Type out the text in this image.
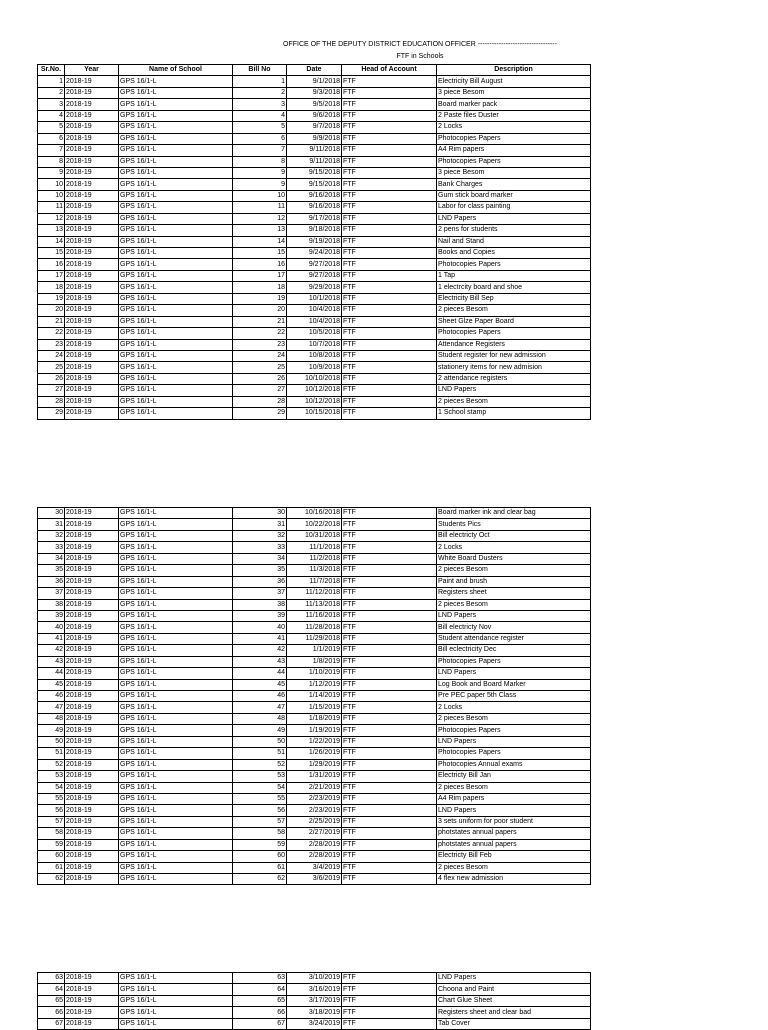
OFFICE OF THE DEPUTY DISTRICT EDUCATION OFFICER ----------------------------------
FTF in Schools
Sr.No.	Year	Name of School	Bill No	Date	Head of Account	Description
1	2018-19	GPS 16/1-L	1	9/1/2018	FTF	Electricity Bill August
2	2018-19	GPS 16/1-L	2	9/3/2018	FTF	3 piece Besom
3	2018-19	GPS 16/1-L	3	9/5/2018	FTF	Board marker pack
4	2018-19	GPS 16/1-L	4	9/6/2018	FTF	2 Paste files Duster
5	2018-19	GPS 16/1-L	5	9/7/2018	FTF	2 Locks
6	2018-19	GPS 16/1-L	6	9/9/2018	FTF	Photocopies Papers
7	2018-19	GPS 16/1-L	7	9/11/2018	FTF	A4 Rim papers
8	2018-19	GPS 16/1-L	8	9/11/2018	FTF	Photocopies Papers
9	2018-19	GPS 16/1-L	9	9/15/2018	FTF	3 piece Besom
10	2018-19	GPS 16/1-L	9	9/15/2018	FTF	Bank Charges
10	2018-19	GPS 16/1-L	10	9/16/2018	FTF	Gum stick board marker
11	2018-19	GPS 16/1-L	11	9/16/2018	FTF	Labor for class painting
12	2018-19	GPS 16/1-L	12	9/17/2018	FTF	LND Papers
13	2018-19	GPS 16/1-L	13	9/18/2018	FTF	2 pens for students
14	2018-19	GPS 16/1-L	14	9/19/2018	FTF	Nail and Stand
15	2018-19	GPS 16/1-L	15	9/24/2018	FTF	Books and Copies
16	2018-19	GPS 16/1-L	16	9/27/2018	FTF	Photocopies Papers
17	2018-19	GPS 16/1-L	17	9/27/2018	FTF	1 Tap
18	2018-19	GPS 16/1-L	18	9/29/2018	FTF	1 electrcity board and shoe
19	2018-19	GPS 16/1-L	19	10/1/2018	FTF	Electricity Bill Sep
20	2018-19	GPS 16/1-L	20	10/4/2018	FTF	2 pieces Besom
21	2018-19	GPS 16/1-L	21	10/4/2018	FTF	Sheet Glze Paper Board
22	2018-19	GPS 16/1-L	22	10/5/2018	FTF	Photocopies Papers
23	2018-19	GPS 16/1-L	23	10/7/2018	FTF	Attendance Registers
24	2018-19	GPS 16/1-L	24	10/8/2018	FTF	Student register for new admission
25	2018-19	GPS 16/1-L	25	10/9/2018	FTF	stationery items for new admision
26	2018-19	GPS 16/1-L	26	10/10/2018	FTF	2 attendance registers
27	2018-19	GPS 16/1-L	27	10/12/2018	FTF	LND Papers
28	2018-19	GPS 16/1-L	28	10/12/2018	FTF	2 pieces Besom
29	2018-19	GPS 16/1-L	29	10/15/2018	FTF	1 School stamp
30	2018-19	GPS 16/1-L	30	10/16/2018	FTF	Board marker ink and clear bag
31	2018-19	GPS 16/1-L	31	10/22/2018	FTF	Students Pics
32	2018-19	GPS 16/1-L	32	10/31/2018	FTF	Bill electricty Oct
33	2018-19	GPS 16/1-L	33	11/1/2018	FTF	2 Locks
34	2018-19	GPS 16/1-L	34	11/2/2018	FTF	White Board Dusters
35	2018-19	GPS 16/1-L	35	11/3/2018	FTF	2 pieces Besom
36	2018-19	GPS 16/1-L	36	11/7/2018	FTF	Paint and brush
37	2018-19	GPS 16/1-L	37	11/12/2018	FTF	Registers sheet
38	2018-19	GPS 16/1-L	38	11/13/2018	FTF	2 pieces Besom
39	2018-19	GPS 16/1-L	39	11/16/2018	FTF	LND Papers
40	2018-19	GPS 16/1-L	40	11/28/2018	FTF	Bill electricty Nov
41	2018-19	GPS 16/1-L	41	11/29/2018	FTF	Student attendance register
42	2018-19	GPS 16/1-L	42	1/1/2019	FTF	Bill eclectricity Dec
43	2018-19	GPS 16/1-L	43	1/8/2019	FTF	Photocopies Papers
44	2018-19	GPS 16/1-L	44	1/10/2019	FTF	LND Papers
45	2018-19	GPS 16/1-L	45	1/12/2019	FTF	Log Book and Board Marker
46	2018-19	GPS 16/1-L	46	1/14/2019	FTF	Pre PEC paper 5th Class
47	2018-19	GPS 16/1-L	47	1/15/2019	FTF	2 Locks
48	2018-19	GPS 16/1-L	48	1/18/2019	FTF	2 pieces Besom
49	2018-19	GPS 16/1-L	49	1/19/2019	FTF	Photocopies Papers
50	2018-19	GPS 16/1-L	50	1/22/2019	FTF	LND Papers
51	2018-19	GPS 16/1-L	51	1/26/2019	FTF	Photocopies Papers
52	2018-19	GPS 16/1-L	52	1/29/2019	FTF	Photocopies Annual exams
53	2018-19	GPS 16/1-L	53	1/31/2019	FTF	Electricty Bill Jan
54	2018-19	GPS 16/1-L	54	2/21/2019	FTF	2 pieces Besom
55	2018-19	GPS 16/1-L	55	2/23/2019	FTF	A4 Rim papers
56	2018-19	GPS 16/1-L	56	2/23/2019	FTF	LND Papers
57	2018-19	GPS 16/1-L	57	2/25/2019	FTF	3 sets uniform for poor student
58	2018-19	GPS 16/1-L	58	2/27/2019	FTF	photstates annual papers
59	2018-19	GPS 16/1-L	59	2/28/2019	FTF	photstates annual papers
60	2018-19	GPS 16/1-L	60	2/28/2019	FTF	Electricty Bill Feb
61	2018-19	GPS 16/1-L	61	3/4/2019	FTF	2 pieces Besom
62	2018-19	GPS 16/1-L	62	3/6/2019	FTF	4 flex new admission
63	2018-19	GPS 16/1-L	63	3/10/2019	FTF	LND Papers
64	2018-19	GPS 16/1-L	64	3/16/2019	FTF	Choona and Paint
65	2018-19	GPS 16/1-L	65	3/17/2019	FTF	Chart Glue Sheet
66	2018-19	GPS 16/1-L	66	3/18/2019	FTF	Registers sheet and clear bad
67	2018-19	GPS 16/1-L	67	3/24/2019	FTF	Tab Cover
